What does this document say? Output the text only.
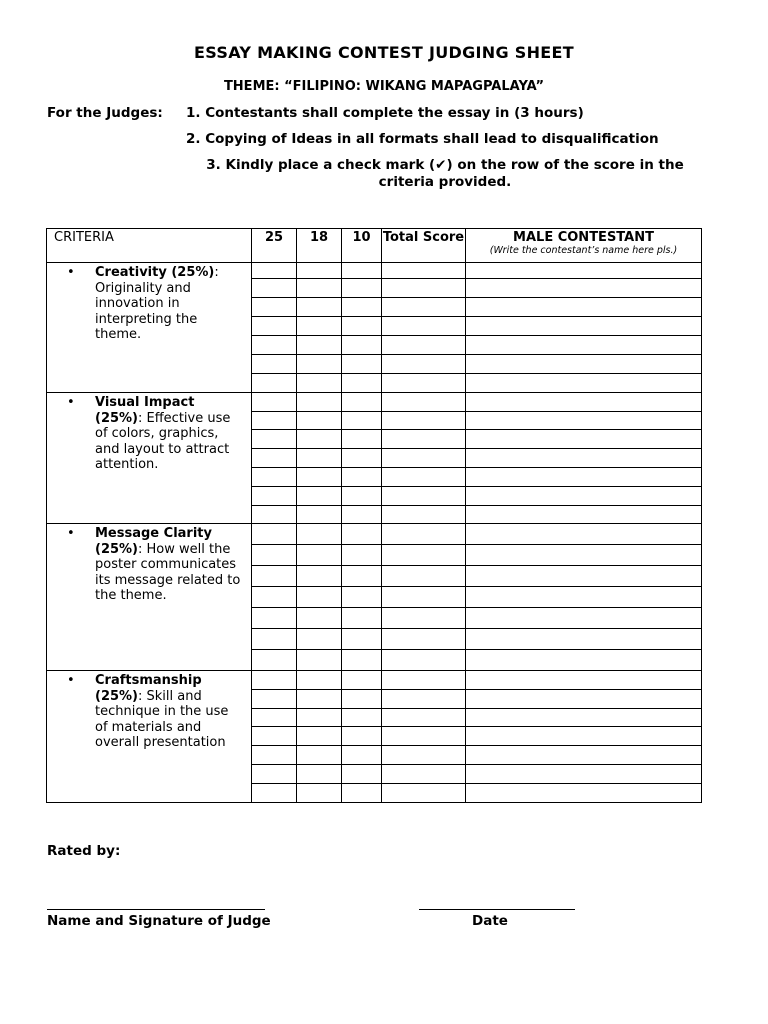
ESSAY MAKING CONTEST JUDGING SHEET
THEME: “FILIPINO: WIKANG MAPAGPALAYA”
For the Judges: 1. Contestants shall complete the essay in (3 hours)
2. Copying of Ideas in all formats shall lead to disqualification
3. Kindly place a check mark (✔) on the row of the score in the criteria provided.
CRITERIA	25	18	10	Total Score	MALE CONTESTANT
(Write the contestant’s name here pls.)

• Creativity (25%): Originality and innovation in interpreting the theme.					

• Visual Impact (25%): Effective use of colors, graphics, and layout to attract attention.					

• Message Clarity (25%): How well the poster communicates its message related to the theme.					

• Craftsmanship (25%): Skill and technique in the use of materials and overall presentation					

Rated by:
Name and Signature of Judge	Date
